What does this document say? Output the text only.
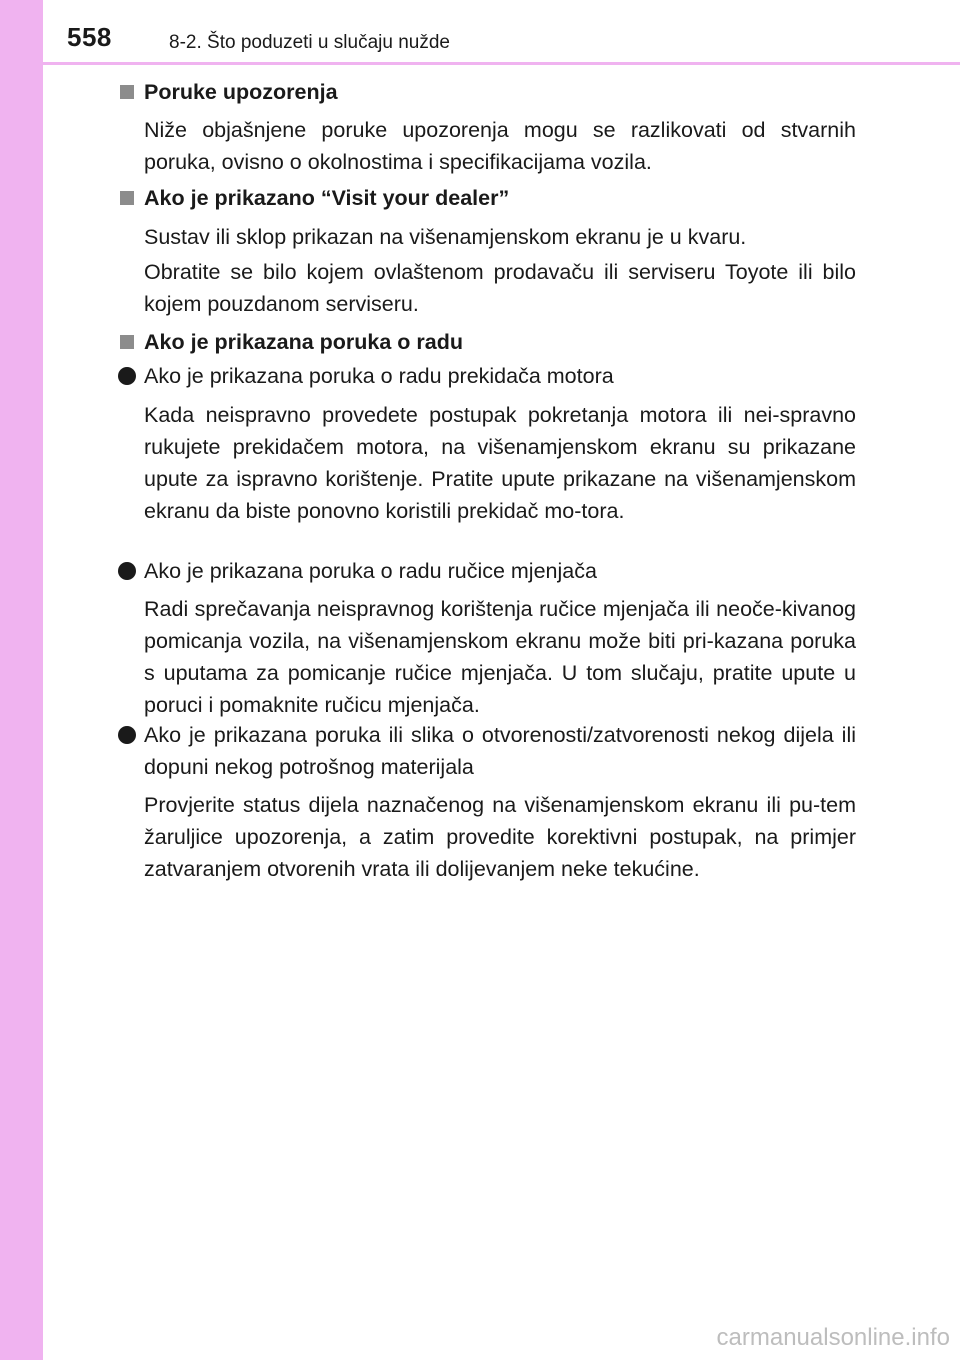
558	8-2. Što poduzeti u slučaju nužde
Poruke upozorenja
Niže objašnjene poruke upozorenja mogu se razlikovati od stvarnih poruka, ovisno o okolnostima i specifikacijama vozila.
Ako je prikazano “Visit your dealer”
Sustav ili sklop prikazan na višenamjenskom ekranu je u kvaru.
Obratite se bilo kojem ovlaštenom prodavaču ili serviseru Toyote ili bilo kojem pouzdanom serviseru.
Ako je prikazana poruka o radu
Ako je prikazana poruka o radu prekidača motora
Kada neispravno provedete postupak pokretanja motora ili nei-spravno rukujete prekidačem motora, na višenamjenskom ekranu su prikazane upute za ispravno korištenje. Pratite upute prikazane na višenamjenskom ekranu da biste ponovno koristili prekidač mo-tora.
Ako je prikazana poruka o radu ručice mjenjača
Radi sprečavanja neispravnog korištenja ručice mjenjača ili neoče-kivanog pomicanja vozila, na višenamjenskom ekranu može biti pri-kazana poruka s uputama za pomicanje ručice mjenjača. U tom slučaju, pratite upute u poruci i pomaknite ručicu mjenjača.
Ako je prikazana poruka ili slika o otvorenosti/zatvorenosti nekog dijela ili dopuni nekog potrošnog materijala
Provjerite status dijela naznačenog na višenamjenskom ekranu ili pu-tem žaruljice upozorenja, a zatim provedite korektivni postupak, na primjer zatvaranjem otvorenih vrata ili dolijevanjem neke tekućine.
carmanualsonline.info
